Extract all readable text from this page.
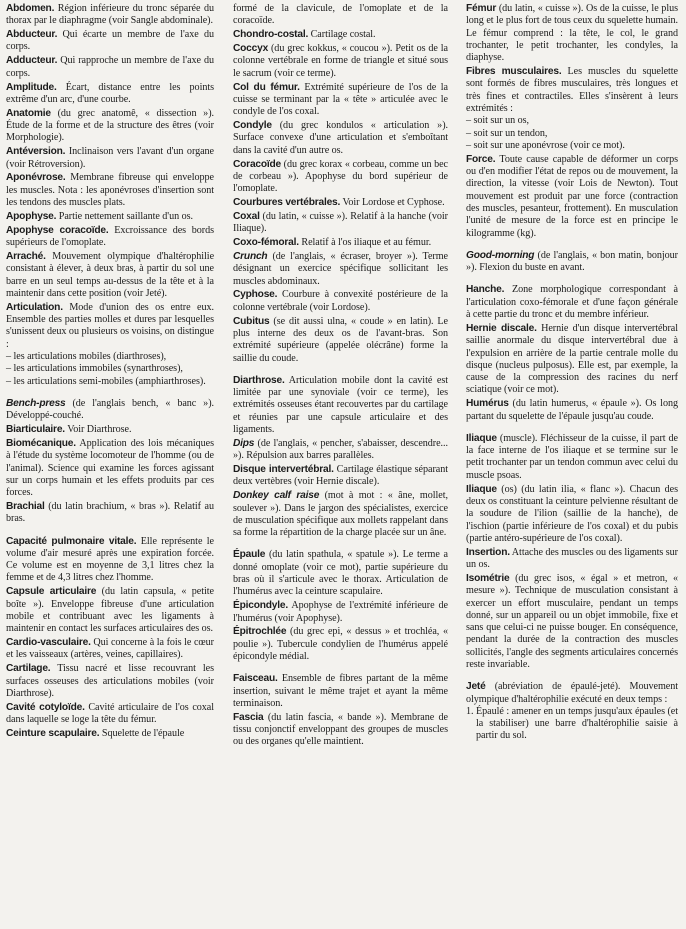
Abdomen. Région inférieure du tronc séparée du thorax par le diaphragme (voir Sangle abdominale).
Abducteur. Qui écarte un membre de l'axe du corps.
Adducteur. Qui rapproche un membre de l'axe du corps.
Amplitude. Écart, distance entre les points extrême d'un arc, d'une courbe.
Anatomie (du grec anatomê, « dissection »). Étude de la forme et de la structure des êtres (voir Morphologie).
Antéversion. Inclinaison vers l'avant d'un organe (voir Rétroversion).
Aponévrose. Membrane fibreuse qui enveloppe les muscles. Nota : les aponévroses d'insertion sont les tendons des muscles plats.
Apophyse. Partie nettement saillante d'un os.
Apophyse coracoïde. Excroissance des bords supérieurs de l'omoplate.
Arraché. Mouvement olympique d'haltérophilie consistant à élever, à deux bras, à partir du sol une barre en un seul temps au-dessus de la tête et à la maintenir dans cette position (voir Jeté).
Articulation. Mode d'union des os entre eux. Ensemble des parties molles et dures par lesquelles s'unissent deux ou plusieurs os voisins, on distingue :
– les articulations mobiles (diarthroses),
– les articulations immobiles (synarthroses),
– les articulations semi-mobiles (amphiarthroses).
Bench-press (de l'anglais bench, « banc »). Développé-couché.
Biarticulaire. Voir Diarthrose.
Biomécanique. Application des lois mécaniques à l'étude du système locomoteur de l'homme (ou de l'animal). Science qui examine les forces agissant sur un corps humain et les effets produits par ces forces.
Brachial (du latin brachium, « bras »). Relatif au bras.
Capacité pulmonaire vitale. Elle représente le volume d'air mesuré après une expiration forcée. Ce volume est en moyenne de 3,1 litres chez la femme et de 4,3 litres chez l'homme.
Capsule articulaire (du latin capsula, « petite boîte »). Enveloppe fibreuse d'une articulation mobile et contribuant avec les ligaments à maintenir en contact les surfaces articulaires des os.
Cardio-vasculaire. Qui concerne à la fois le cœur et les vaisseaux (artères, veines, capillaires).
Cartilage. Tissu nacré et lisse recouvrant les surfaces osseuses des articulations mobiles (voir Diarthrose).
Cavité cotyloïde. Cavité articulaire de l'os coxal dans laquelle se loge la tête du fémur.
Ceinture scapulaire. Squelette de l'épaule
formé de la clavicule, de l'omoplate et de la coracoïde.
Chondro-costal. Cartilage costal.
Coccyx (du grec kokkus, « coucou »). Petit os de la colonne vertébrale en forme de triangle et situé sous le sacrum (voir ce terme).
Col du fémur. Extrémité supérieure de l'os de la cuisse se terminant par la « tête » articulée avec le condyle de l'os coxal.
Condyle (du grec kondulos « articulation »). Surface convexe d'une articulation et s'emboîtant dans la cavité d'un autre os.
Coracoïde (du grec korax « corbeau, comme un bec de corbeau »). Apophyse du bord supérieur de l'omoplate.
Courbures vertébrales. Voir Lordose et Cyphose.
Coxal (du latin, « cuisse »). Relatif à la hanche (voir Iliaque).
Coxo-fémoral. Relatif à l'os iliaque et au fémur.
Crunch (de l'anglais, « écraser, broyer »). Terme désignant un exercice spécifique sollicitant les muscles abdominaux.
Cyphose. Courbure à convexité postérieure de la colonne vertébrale (voir Lordose).
Cubitus (se dit aussi ulna, « coude » en latin). Le plus interne des deux os de l'avant-bras. Son extrémité supérieure (appelée olécrâne) forme la saillie du coude.
Diarthrose. Articulation mobile dont la cavité est limitée par une synoviale (voir ce terme), les extrémités osseuses étant recouvertes par du cartilage et réunies par une capsule articulaire et des ligaments.
Dips (de l'anglais, « pencher, s'abaisser, descendre... »). Répulsion aux barres parallèles.
Disque intervertébral. Cartilage élastique séparant deux vertèbres (voir Hernie discale).
Donkey calf raise (mot à mot : « âne, mollet, soulever »). Dans le jargon des spécialistes, exercice de musculation spécifique aux mollets rappelant dans sa forme la répartition de la charge placée sur un âne.
Épaule (du latin spathula, « spatule »). Le terme a donné omoplate (voir ce mot), partie supérieure du bras où il s'articule avec le thorax. Articulation de l'humérus avec la ceinture scapulaire.
Épicondyle. Apophyse de l'extrémité inférieure de l'humérus (voir Apophyse).
Épitrochlée (du grec epi, « dessus » et trochléa, « poulie »). Tubercule condylien de l'humérus appelé épicondyle médial.
Faisceau. Ensemble de fibres partant de la même insertion, suivant le même trajet et ayant la même terminaison.
Fascia (du latin fascia, « bande »). Membrane de tissu conjonctif enveloppant des groupes de muscles ou des organes qu'elle maintient.
Fémur (du latin, « cuisse »). Os de la cuisse, le plus long et le plus fort de tous ceux du squelette humain. Le fémur comprend : la tête, le col, le grand trochanter, le petit trochanter, les condyles, la diaphyse.
Fibres musculaires. Les muscles du squelette sont formés de fibres musculaires, très longues et très fines et contractiles. Elles s'insèrent à leurs extrémités :
– soit sur un os,
– soit sur un tendon,
– soit sur une aponévrose (voir ce mot).
Force. Toute cause capable de déformer un corps ou d'en modifier l'état de repos ou de mouvement, la direction, la vitesse (voir Lois de Newton). Tout mouvement est produit par une force (contraction des muscles, pesanteur, frottement). En musculation l'unité de mesure de la force est en principe le kilogramme (kg).
Good-morning (de l'anglais, « bon matin, bonjour »). Flexion du buste en avant.
Hanche. Zone morphologique correspondant à l'articulation coxo-fémorale et d'une façon générale à cette partie du tronc et du membre inférieur.
Hernie discale. Hernie d'un disque intervertébral saillie anormale du disque intervertébral due à l'expulsion en arrière de la partie centrale molle du disque (nucleus pulposus). Elle est, par exemple, la cause de la compression des racines du nerf sciatique (voir ce mot).
Humérus (du latin humerus, « épaule »). Os long partant du squelette de l'épaule jusqu'au coude.
Iliaque (muscle). Fléchisseur de la cuisse, il part de la face interne de l'os iliaque et se termine sur le petit trochanter par un tendon commun avec celui du muscle psoas.
Iliaque (os) (du latin ilia, « flanc »). Chacun des deux os constituant la ceinture pelvienne résultant de la soudure de l'ilion (saillie de la hanche), de l'ischion (partie inférieure de l'os coxal) et du pubis (partie antéro-supérieure de l'os coxal).
Insertion. Attache des muscles ou des ligaments sur un os.
Isométrie (du grec isos, « égal » et metron, « mesure »). Technique de musculation consistant à exercer un effort musculaire, pendant un temps donné, sur un appareil ou un objet immobile, fixe et sans que celui-ci ne puisse bouger. En conséquence, pendant la durée de la contraction des muscles sollicités, l'angle des segments articulaires concernés reste invariable.
Jeté (abréviation de épaulé-jeté). Mouvement olympique d'haltérophilie exécuté en deux temps :
1. Épaulé : amener en un temps jusqu'aux épaules (et la stabiliser) une barre d'haltérophilie saisie à partir du sol.
